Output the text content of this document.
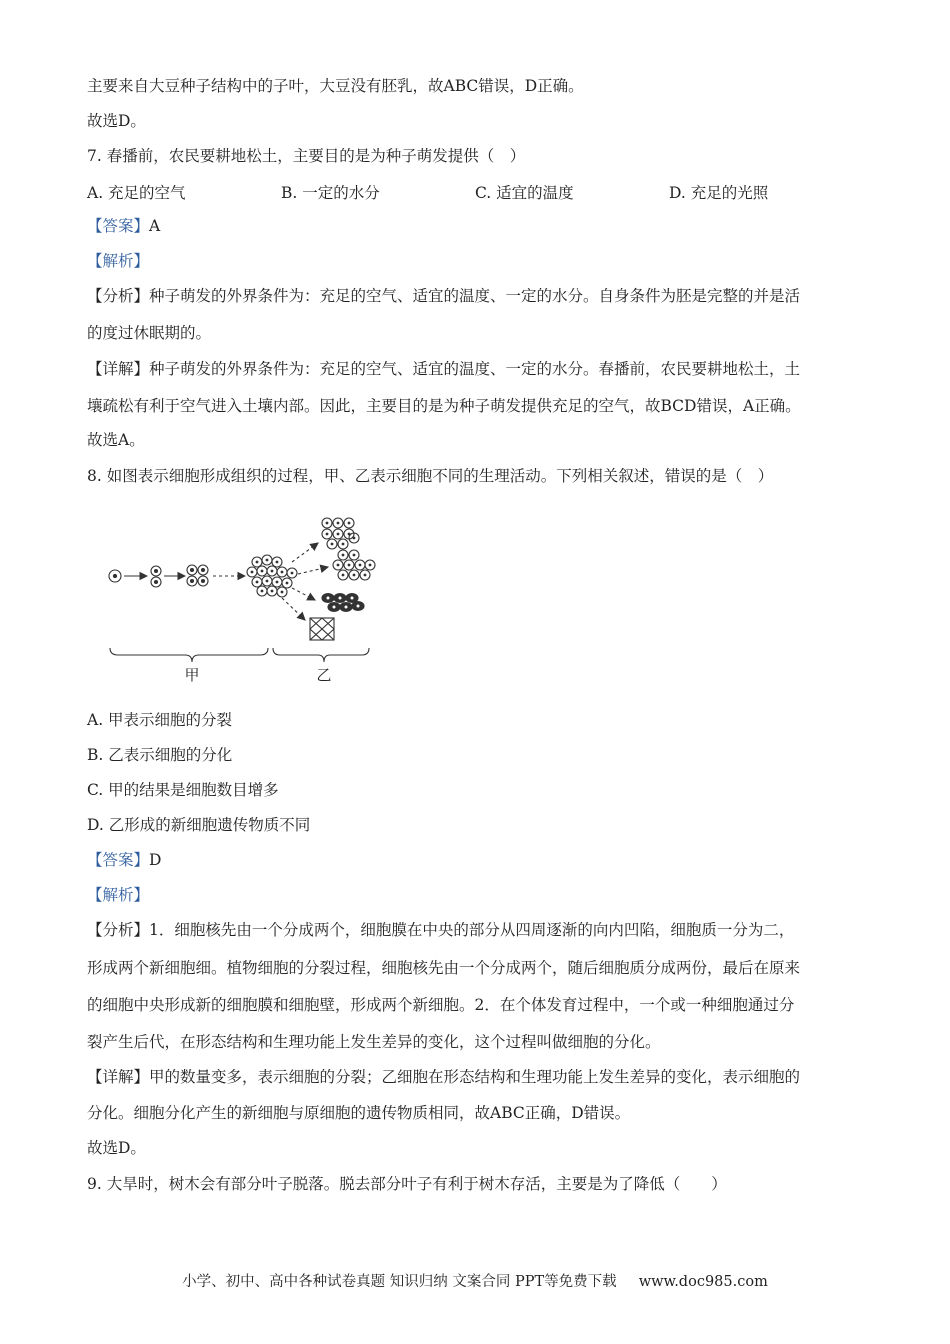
主要来自大豆种子结构中的子叶，大豆没有胚乳，故ABC错误，D正确。
故选D。
7. 春播前，农民要耕地松土，主要目的是为种子萌发提供（　）
A. 充足的空气	B. 一定的水分	C. 适宜的温度	D. 充足的光照
【答案】A
【解析】
【分析】种子萌发的外界条件为：充足的空气、适宜的温度、一定的水分。自身条件为胚是完整的并是活
的度过休眠期的。
【详解】种子萌发的外界条件为：充足的空气、适宜的温度、一定的水分。春播前，农民要耕地松土，土
壤疏松有利于空气进入土壤内部。因此，主要目的是为种子萌发提供充足的空气，故BCD错误，A正确。
故选A。
8. 如图表示细胞形成组织的过程，甲、乙表示细胞不同的生理活动。下列相关叙述，错误的是（　）
甲	乙
A. 甲表示细胞的分裂
B. 乙表示细胞的分化
C. 甲的结果是细胞数目增多
D. 乙形成的新细胞遗传物质不同
【答案】D
【解析】
【分析】1．细胞核先由一个分成两个，细胞膜在中央的部分从四周逐渐的向内凹陷，细胞质一分为二，
形成两个新细胞细。植物细胞的分裂过程，细胞核先由一个分成两个，随后细胞质分成两份，最后在原来
的细胞中央形成新的细胞膜和细胞壁，形成两个新细胞。2．在个体发育过程中，一个或一种细胞通过分
裂产生后代，在形态结构和生理功能上发生差异的变化，这个过程叫做细胞的分化。
【详解】甲的数量变多，表示细胞的分裂；乙细胞在形态结构和生理功能上发生差异的变化，表示细胞的
分化。细胞分化产生的新细胞与原细胞的遗传物质相同，故ABC正确，D错误。
故选D。
9. 大旱时，树木会有部分叶子脱落。脱去部分叶子有利于树木存活，主要是为了降低（　　）
小学、初中、高中各种试卷真题 知识归纳 文案合同 PPT等免费下载 www.doc985.com
